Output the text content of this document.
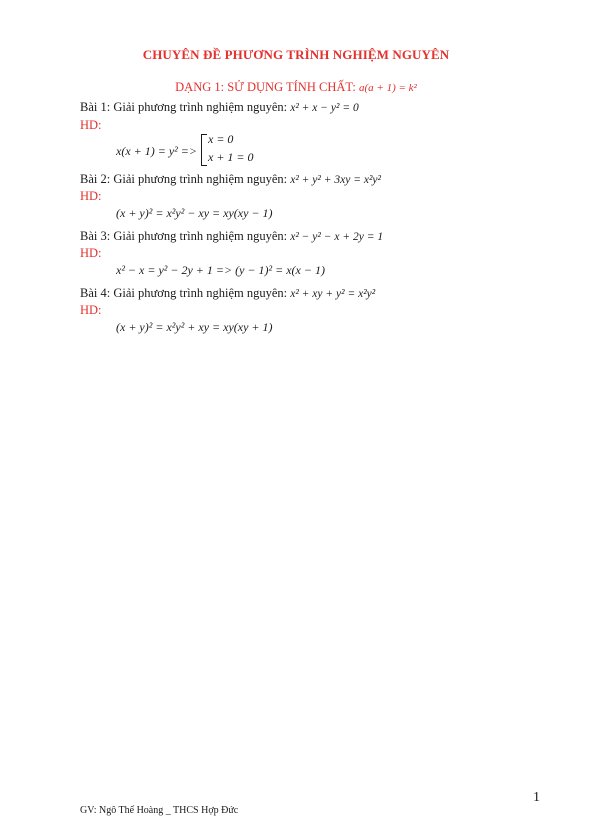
CHUYÊN ĐỀ PHƯƠNG TRÌNH NGHIỆM NGUYÊN
DẠNG 1: SỬ DỤNG TÍNH CHẤT: a(a + 1) = k²
Bài 1: Giải phương trình nghiệm nguyên: x² + x − y² = 0
HD:
x(x + 1) = y² =>
x = 0
x + 1 = 0
Bài 2: Giải phương trình nghiệm nguyên: x² + y² + 3xy = x²y²
HD:
(x + y)² = x²y² − xy = xy(xy − 1)
Bài 3: Giải phương trình nghiệm nguyên: x² − y² − x + 2y = 1
HD:
x² − x = y² − 2y + 1 => (y − 1)² = x(x − 1)
Bài 4: Giải phương trình nghiệm nguyên: x² + xy + y² = x²y²
HD:
(x + y)² = x²y² + xy = xy(xy + 1)
1
GV: Ngô Thế Hoàng _ THCS Hợp Đức
